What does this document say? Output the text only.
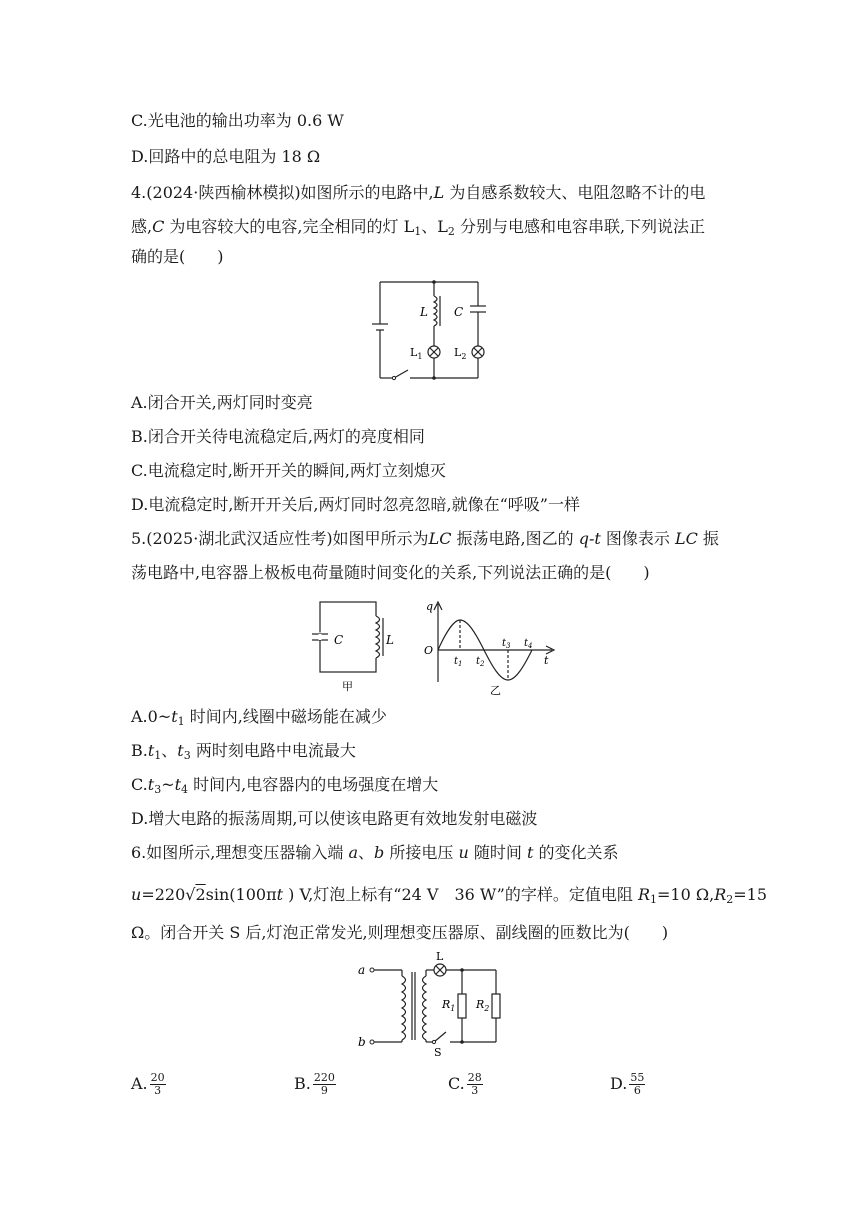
C.光电池的输出功率为 0.6 W
D.回路中的总电阻为 18 Ω
4.(2024·陕西榆林模拟)如图所示的电路中,L 为自感系数较大、电阻忽略不计的电
感,C 为电容较大的电容,完全相同的灯 $L_1$、$L_2$ 分别与电感和电容串联,下列说法正
确的是(　　)
L C
$L_1$	$L_2$
A.闭合开关,两灯同时变亮
B.闭合开关待电流稳定后,两灯的亮度相同
C.电流稳定时,断开开关的瞬间,两灯立刻熄灭
D.电流稳定时,断开开关后,两灯同时忽亮忽暗,就像在“呼吸”一样
5.(2025·湖北武汉适应性考)如图甲所示为LC 振荡电路,图乙的 q-t 图像表示 LC 振
荡电路中,电容器上极板电荷量随时间变化的关系,下列说法正确的是(　　)
C	L
甲
q
O
t
$t_1$ $t_2$
$t_3$ $t_4$
乙
$A.0\sim t_1$ 时间内,线圈中磁场能在减少
$B.t_1$、$t_3$ 两时刻电路中电流最大
$C.t_3\sim t_4$ 时间内,电容器内的电场强度在增大
D.增大电路的振荡周期,可以使该电路更有效地发射电磁波
6.如图所示,理想变压器输入端 a、b 所接电压 u 随时间 t 的变化关系
u=220√2sin(100πt ) V,灯泡上标有“24 V　36 W”的字样。定值电阻 $R_1=10$ $\Omega,R_2=15$
Ω。闭合开关 S 后,灯泡正常发光,则理想变压器原、副线圈的匝数比为(　　)
a
b
L
S
$R_1$ $R_2$
A. $\frac{20}{3}$	B. $\frac{220}{9}$	C. $\frac{28}{3}$	D. $\frac{55}{6}$
